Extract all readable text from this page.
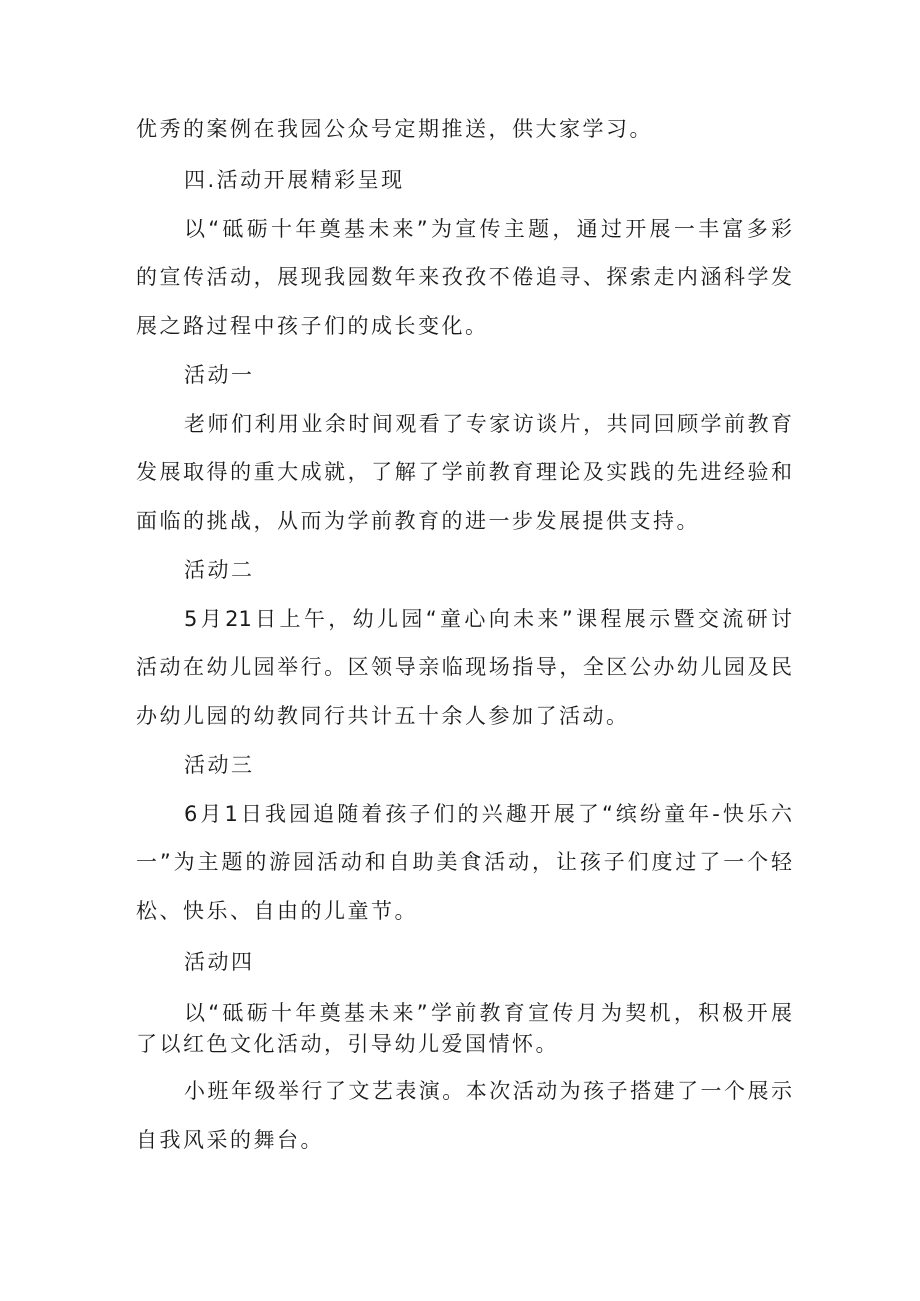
优秀的案例在我园公众号定期推送，供大家学习。
四.活动开展精彩呈现
以“砥砺十年奠基未来”为宣传主题，通过开展一丰富多彩
的宣传活动，展现我园数年来孜孜不倦追寻、探索走内涵科学发
展之路过程中孩子们的成长变化。
活动一
老师们利用业余时间观看了专家访谈片，共同回顾学前教育
发展取得的重大成就，了解了学前教育理论及实践的先进经验和
面临的挑战，从而为学前教育的进一步发展提供支持。
活动二
5月21日上午，幼儿园“童心向未来”课程展示暨交流研讨
活动在幼儿园举行。区领导亲临现场指导，全区公办幼儿园及民
办幼儿园的幼教同行共计五十余人参加了活动。
活动三
6月1日我园追随着孩子们的兴趣开展了“缤纷童年-快乐六
一”为主题的游园活动和自助美食活动，让孩子们度过了一个轻
松、快乐、自由的儿童节。
活动四
以“砥砺十年奠基未来”学前教育宣传月为契机，积极开展
了以红色文化活动，引导幼儿爱国情怀。
小班年级举行了文艺表演。本次活动为孩子搭建了一个展示
自我风采的舞台。
